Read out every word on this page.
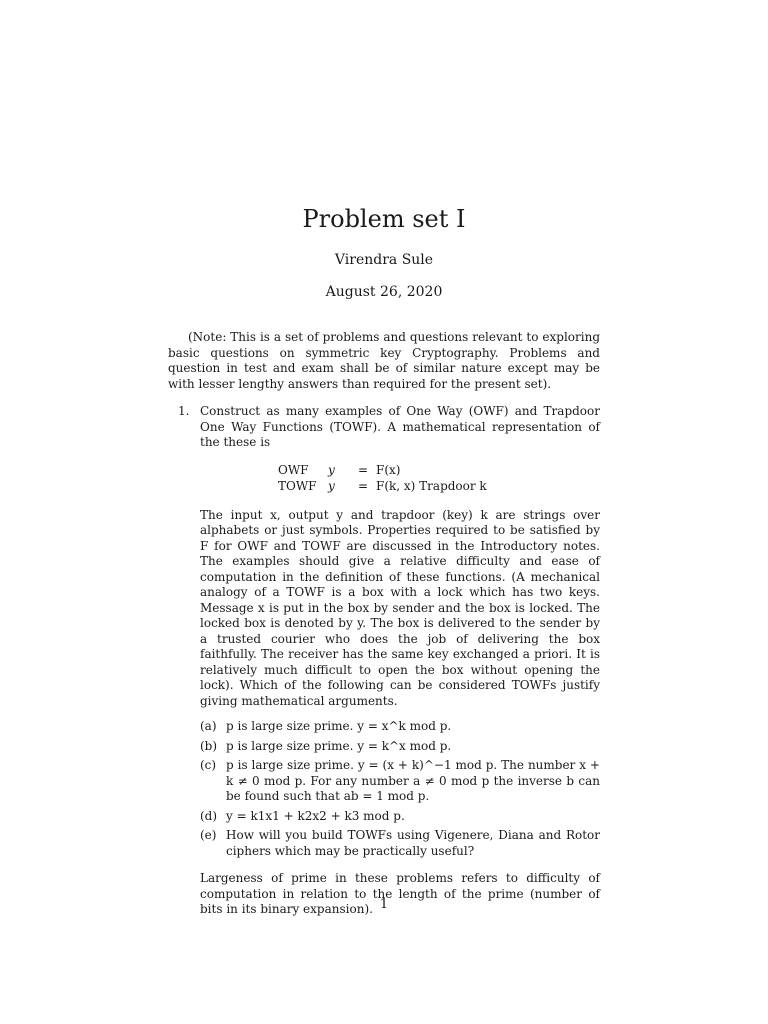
Problem set I
Virendra Sule
August 26, 2020
(Note: This is a set of problems and questions relevant to exploring basic questions on symmetric key Cryptography. Problems and question in test and exam shall be of similar nature except may be with lesser lengthy answers than required for the present set).
1. Construct as many examples of One Way (OWF) and Trapdoor One Way Functions (TOWF). A mathematical representation of the these is
OWF	y	=	F(x)
TOWF	y	=	F(k, x) Trapdoor k
The input x, output y and trapdoor (key) k are strings over alphabets or just symbols. Properties required to be satisfied by F for OWF and TOWF are discussed in the Introductory notes. The examples should give a relative difficulty and ease of computation in the definition of these functions. (A mechanical analogy of a TOWF is a box with a lock which has two keys. Message x is put in the box by sender and the box is locked. The locked box is denoted by y. The box is delivered to the sender by a trusted courier who does the job of delivering the box faithfully. The receiver has the same key exchanged a priori. It is relatively much difficult to open the box without opening the lock). Which of the following can be considered TOWFs justify giving mathematical arguments.
(a) p is large size prime. y = x^k mod p.
(b) p is large size prime. y = k^x mod p.
(c) p is large size prime. y = (x + k)^−1 mod p. The number x + k ≠ 0 mod p. For any number a ≠ 0 mod p the inverse b can be found such that ab = 1 mod p.
(d) y = k1x1 + k2x2 + k3 mod p.
(e) How will you build TOWFs using Vigenere, Diana and Rotor ciphers which may be practically useful?
Largeness of prime in these problems refers to difficulty of computation in relation to the length of the prime (number of bits in its binary expansion). 1
